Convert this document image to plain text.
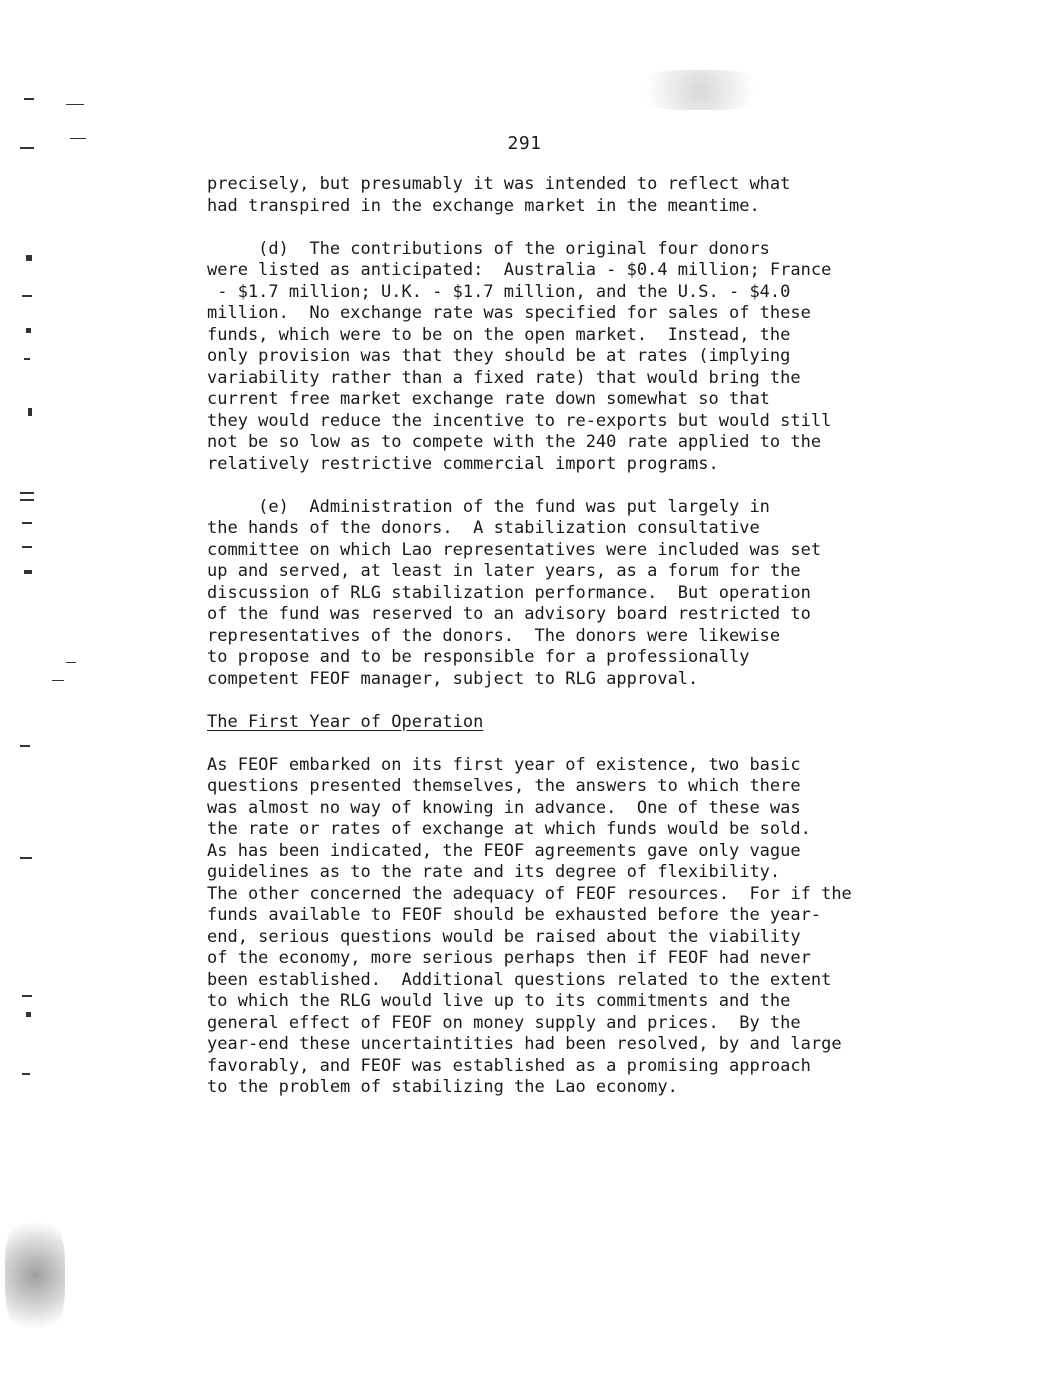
291
precisely, but presumably it was intended to reflect what
had transpired in the exchange market in the meantime.
(d)  The contributions of the original four donors
were listed as anticipated:  Australia - $0.4 million; France
- $1.7 million; U.K. - $1.7 million, and the U.S. - $4.0
million.  No exchange rate was specified for sales of these
funds, which were to be on the open market.  Instead, the
only provision was that they should be at rates (implying
variability rather than a fixed rate) that would bring the
current free market exchange rate down somewhat so that
they would reduce the incentive to re-exports but would still
not be so low as to compete with the 240 rate applied to the
relatively restrictive commercial import programs.
(e)  Administration of the fund was put largely in
the hands of the donors.  A stabilization consultative
committee on which Lao representatives were included was set
up and served, at least in later years, as a forum for the
discussion of RLG stabilization performance.  But operation
of the fund was reserved to an advisory board restricted to
representatives of the donors.  The donors were likewise
to propose and to be responsible for a professionally
competent FEOF manager, subject to RLG approval.
The First Year of Operation
As FEOF embarked on its first year of existence, two basic
questions presented themselves, the answers to which there
was almost no way of knowing in advance.  One of these was
the rate or rates of exchange at which funds would be sold.
As has been indicated, the FEOF agreements gave only vague
guidelines as to the rate and its degree of flexibility.
The other concerned the adequacy of FEOF resources.  For if the
funds available to FEOF should be exhausted before the year-
end, serious questions would be raised about the viability
of the economy, more serious perhaps then if FEOF had never
been established.  Additional questions related to the extent
to which the RLG would live up to its commitments and the
general effect of FEOF on money supply and prices.  By the
year-end these uncertaintities had been resolved, by and large
favorably, and FEOF was established as a promising approach
to the problem of stabilizing the Lao economy.
